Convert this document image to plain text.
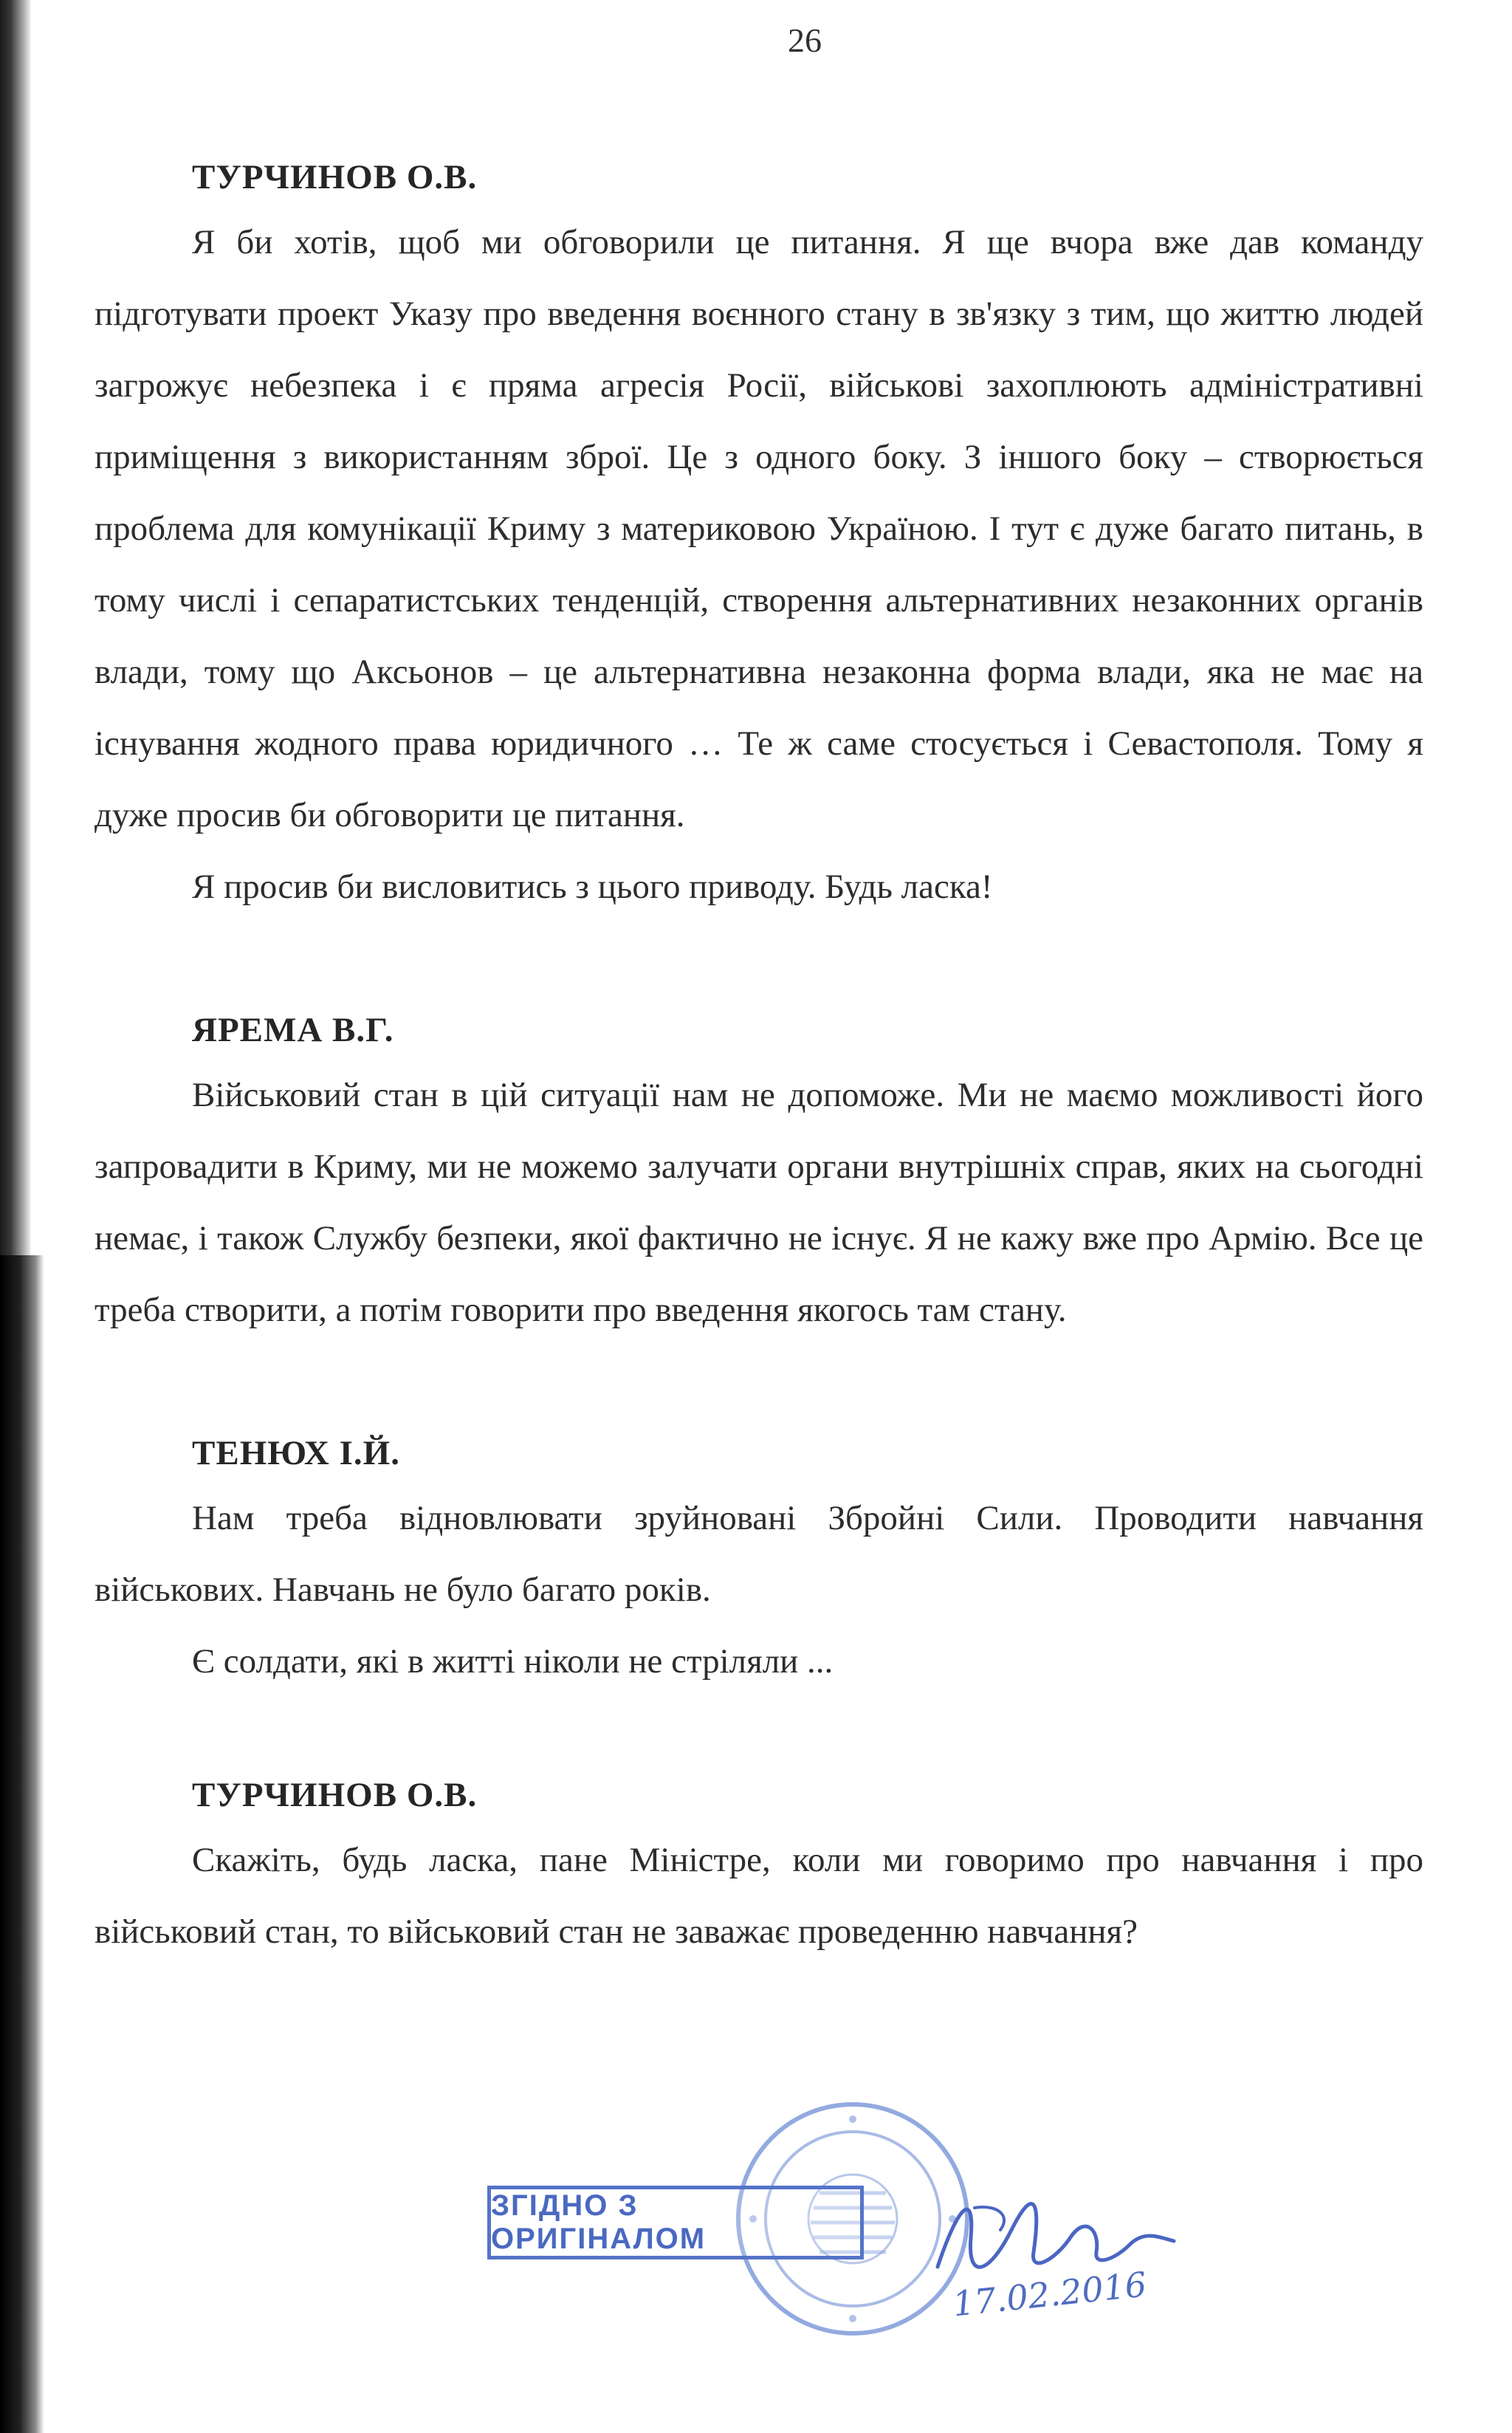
26
ТУРЧИНОВ О.В.

Я би хотів, щоб ми обговорили це питання. Я ще вчора вже дав команду підготувати проект Указу про введення воєнного стану в зв'язку з тим, що життю людей загрожує небезпека і є пряма агресія Росії, військові захоплюють адміністративні приміщення з використанням зброї. Це з одного боку. З іншого боку – створюється проблема для комунікації Криму з материковою Україною. І тут є дуже багато питань, в тому числі і сепаратистських тенденцій, створення альтернативних незаконних органів влади, тому що Аксьонов – це альтернативна незаконна форма влади, яка не має на існування жодного права юридичного … Те ж саме стосується і Севастополя. Тому я дуже просив би обговорити це питання.

Я просив би висловитись з цього приводу. Будь ласка!

ЯРЕМА В.Г.

Військовий стан в цій ситуації нам не допоможе. Ми не маємо можливості його запровадити в Криму, ми не можемо залучати органи внутрішніх справ, яких на сьогодні немає, і також Службу безпеки, якої фактично не існує. Я не кажу вже про Армію. Все це треба створити, а потім говорити про введення якогось там стану.

ТЕНЮХ І.Й.

Нам треба відновлювати зруйновані Збройні Сили. Проводити навчання військових. Навчань не було багато років.

Є солдати, які в житті ніколи не стріляли ...

ТУРЧИНОВ О.В.

Скажіть, будь ласка, пане Міністре, коли ми говоримо про навчання і про військовий стан, то військовий стан не заважає проведенню навчання?

ЗГІДНО З ОРИГІНАЛОМ
17.02.2016
